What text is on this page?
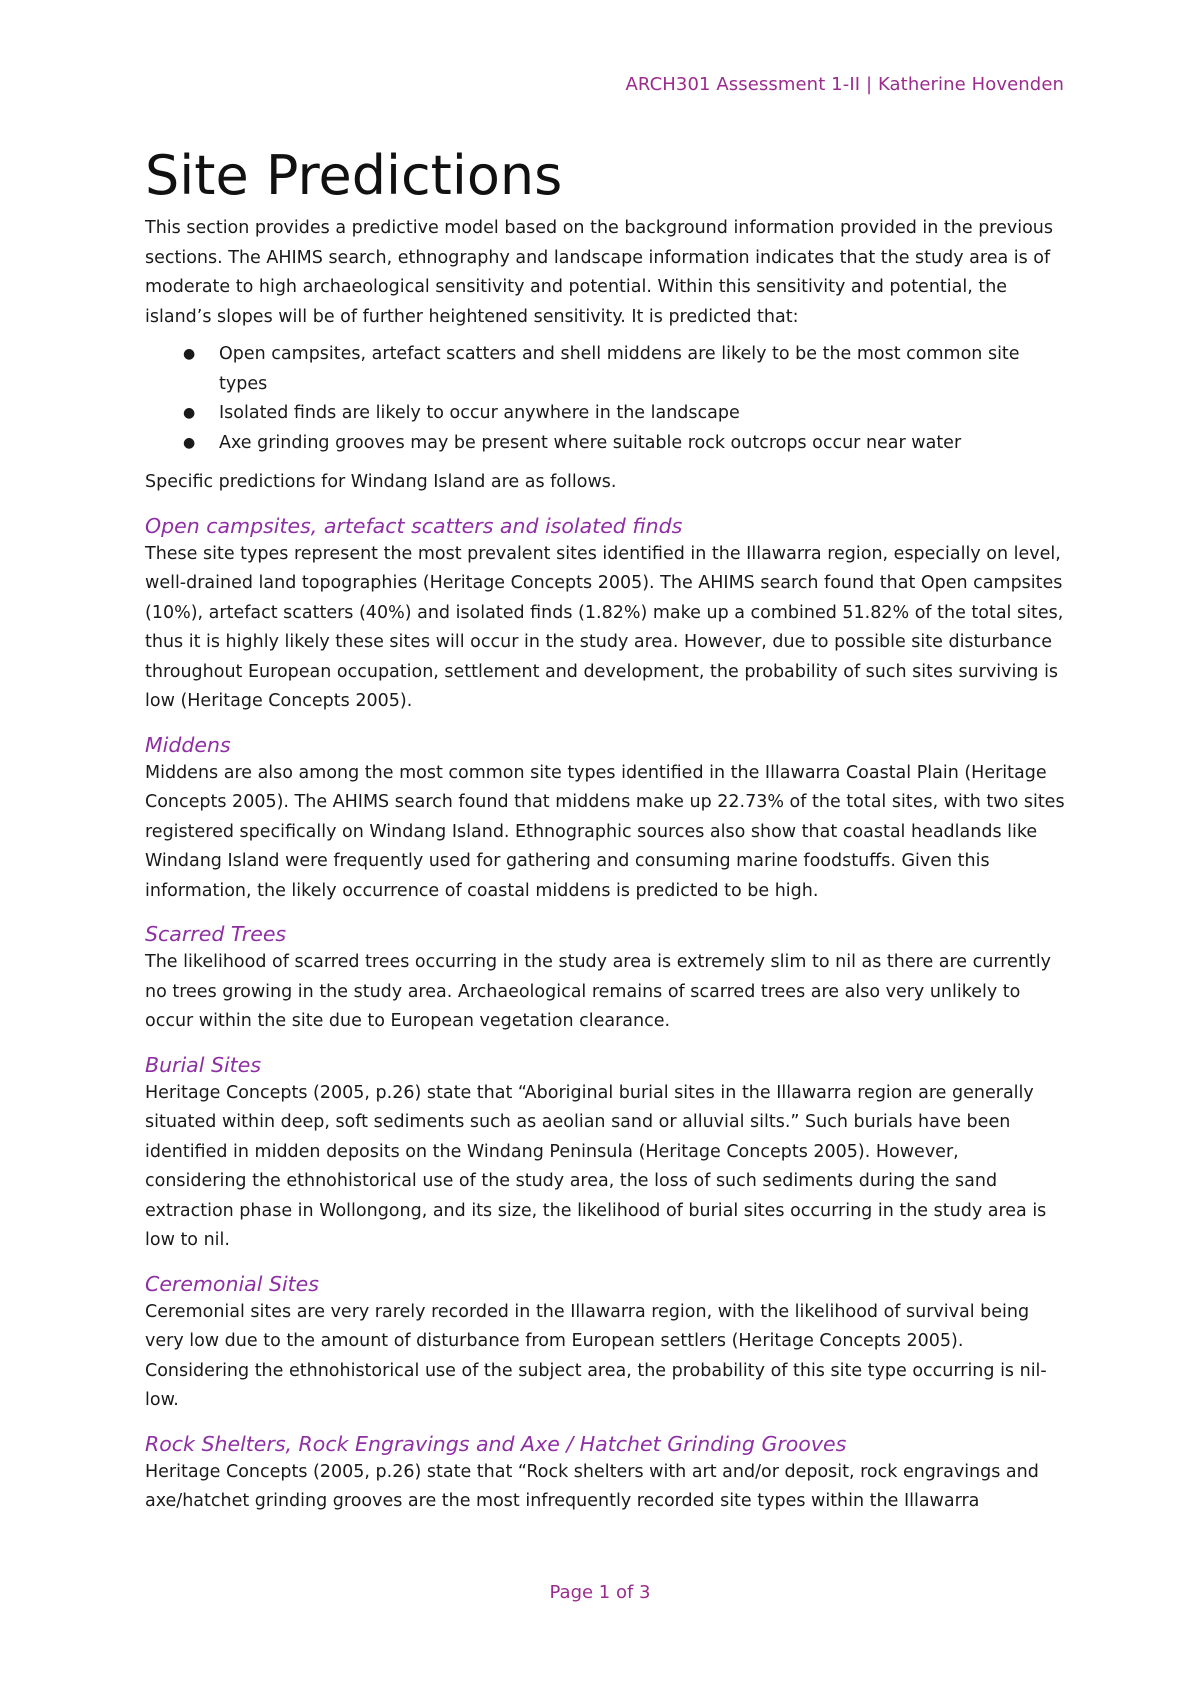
ARCH301 Assessment 1-II | Katherine Hovenden
Site Predictions

This section provides a predictive model based on the background information provided in the previous sections. The AHIMS search, ethnography and landscape information indicates that the study area is of moderate to high archaeological sensitivity and potential. Within this sensitivity and potential, the island’s slopes will be of further heightened sensitivity. It is predicted that:

● Open campsites, artefact scatters and shell middens are likely to be the most common site types
● Isolated finds are likely to occur anywhere in the landscape
● Axe grinding grooves may be present where suitable rock outcrops occur near water

Specific predictions for Windang Island are as follows.

Open campsites, artefact scatters and isolated finds

These site types represent the most prevalent sites identified in the Illawarra region, especially on level, well-drained land topographies (Heritage Concepts 2005). The AHIMS search found that Open campsites (10%), artefact scatters (40%) and isolated finds (1.82%) make up a combined 51.82% of the total sites, thus it is highly likely these sites will occur in the study area. However, due to possible site disturbance throughout European occupation, settlement and development, the probability of such sites surviving is low (Heritage Concepts 2005).

Middens

Middens are also among the most common site types identified in the Illawarra Coastal Plain (Heritage Concepts 2005). The AHIMS search found that middens make up 22.73% of the total sites, with two sites registered specifically on Windang Island. Ethnographic sources also show that coastal headlands like Windang Island were frequently used for gathering and consuming marine foodstuffs. Given this information, the likely occurrence of coastal middens is predicted to be high.

Scarred Trees

The likelihood of scarred trees occurring in the study area is extremely slim to nil as there are currently no trees growing in the study area. Archaeological remains of scarred trees are also very unlikely to occur within the site due to European vegetation clearance.

Burial Sites

Heritage Concepts (2005, p.26) state that “Aboriginal burial sites in the Illawarra region are generally situated within deep, soft sediments such as aeolian sand or alluvial silts.” Such burials have been identified in midden deposits on the Windang Peninsula (Heritage Concepts 2005). However, considering the ethnohistorical use of the study area, the loss of such sediments during the sand extraction phase in Wollongong, and its size, the likelihood of burial sites occurring in the study area is low to nil.

Ceremonial Sites

Ceremonial sites are very rarely recorded in the Illawarra region, with the likelihood of survival being very low due to the amount of disturbance from European settlers (Heritage Concepts 2005). Considering the ethnohistorical use of the subject area, the probability of this site type occurring is nil-low.

Rock Shelters, Rock Engravings and Axe / Hatchet Grinding Grooves

Heritage Concepts (2005, p.26) state that “Rock shelters with art and/or deposit, rock engravings and axe/hatchet grinding grooves are the most infrequently recorded site types within the Illawarra

Page 1 of 3
